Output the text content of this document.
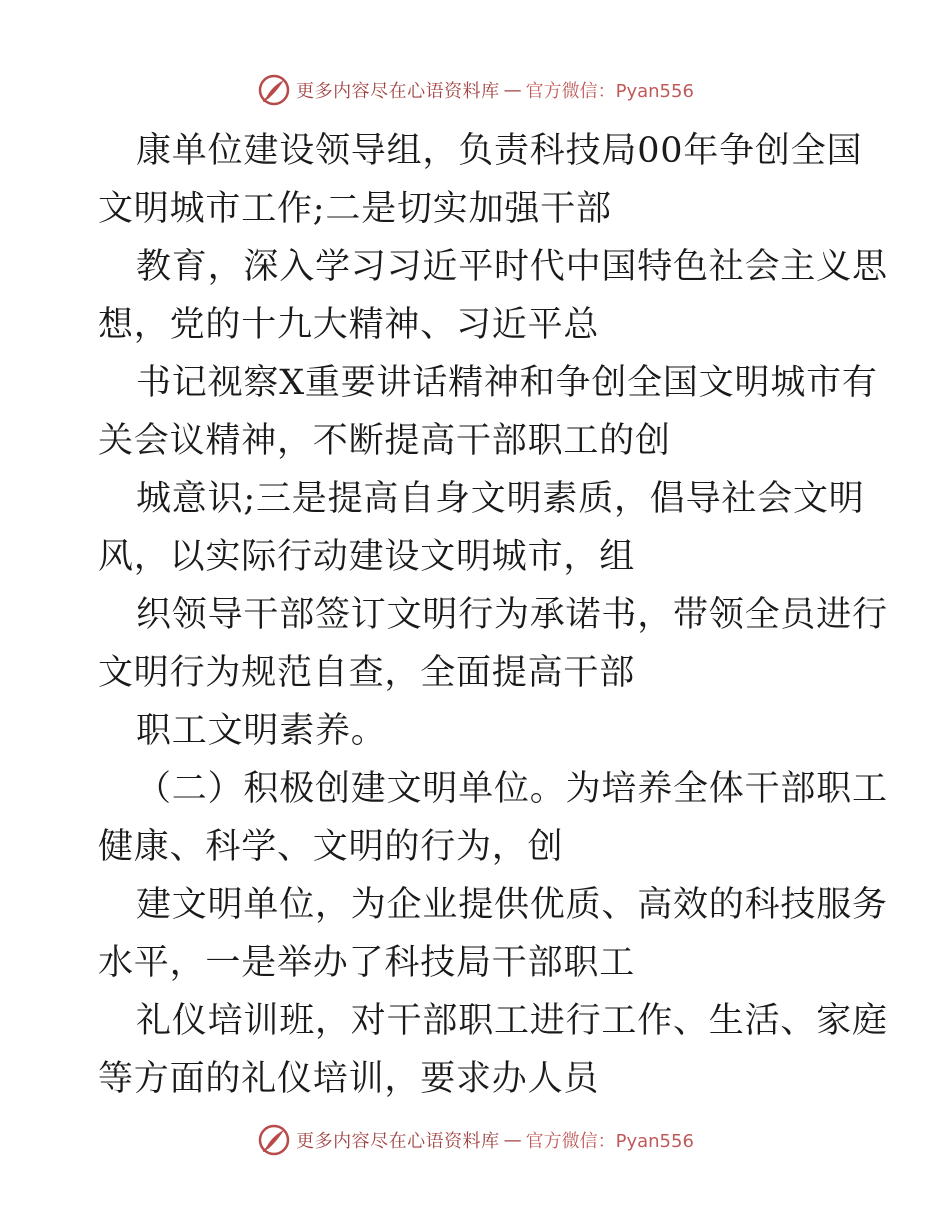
更多内容尽在心语资料库 — 官方微信：Pyan556
康单位建设领导组，负责科技局00年争创全国
文明城市工作;二是切实加强干部
教育，深入学习习近平时代中国特色社会主义思
想，党的十九大精神、习近平总
书记视察X重要讲话精神和争创全国文明城市有
关会议精神，不断提高干部职工的创
城意识;三是提高自身文明素质，倡导社会文明
风，以实际行动建设文明城市，组
织领导干部签订文明行为承诺书，带领全员进行
文明行为规范自查，全面提高干部
职工文明素养。
（二）积极创建文明单位。为培养全体干部职工
健康、科学、文明的行为，创
建文明单位，为企业提供优质、高效的科技服务
水平，一是举办了科技局干部职工
礼仪培训班，对干部职工进行工作、生活、家庭
等方面的礼仪培训，要求办人员
更多内容尽在心语资料库 — 官方微信：Pyan556
